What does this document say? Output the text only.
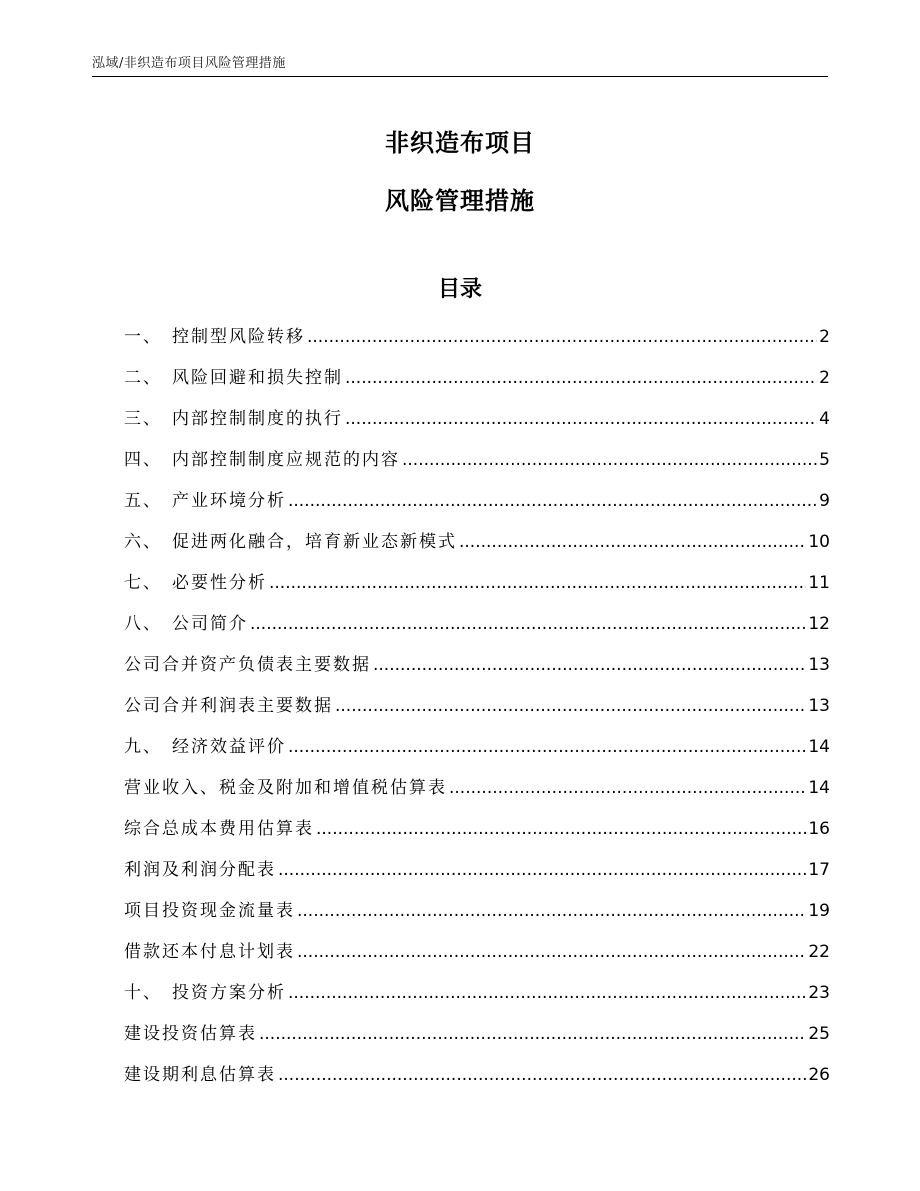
泓域/非织造布项目风险管理措施
非织造布项目
风险管理措施
目录
一、 控制型风险转移 .....	2
二、 风险回避和损失控制 .....	2
三、 内部控制制度的执行 .....	4
四、 内部控制制度应规范的内容 .....	5
五、 产业环境分析 .....	9
六、 促进两化融合，培育新业态新模式 .....	10
七、 必要性分析 .....	11
八、 公司简介 .....	12
公司合并资产负债表主要数据 .....	13
公司合并利润表主要数据 .....	13
九、 经济效益评价 .....	14
营业收入、税金及附加和增值税估算表 .....	14
综合总成本费用估算表 .....	16
利润及利润分配表 .....	17
项目投资现金流量表 .....	19
借款还本付息计划表 .....	22
十、 投资方案分析 .....	23
建设投资估算表 .....	25
建设期利息估算表 .....	26
